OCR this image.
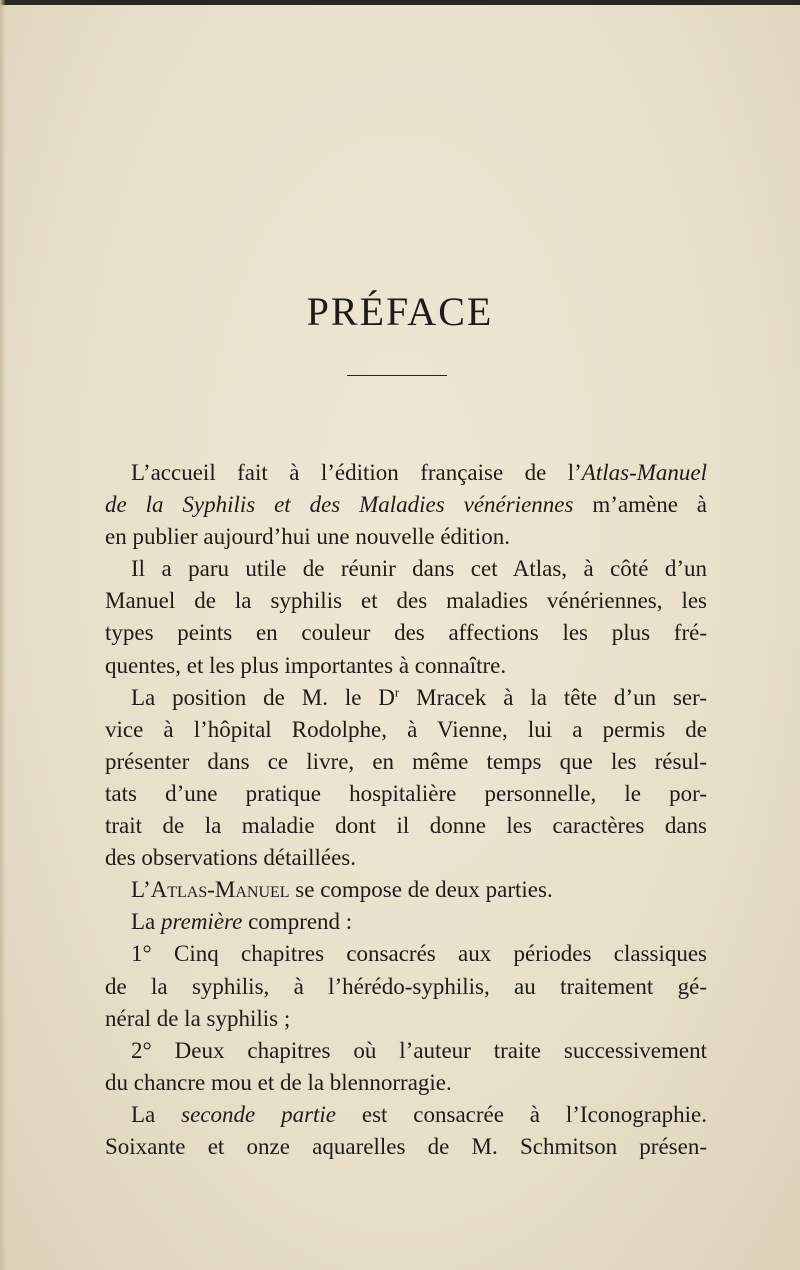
PRÉFACE
L’accueil fait à l’édition française de l’Atlas-Manuel
de la Syphilis et des Maladies vénériennes m’amène à
en publier aujourd’hui une nouvelle édition.
Il a paru utile de réunir dans cet Atlas, à côté d’un
Manuel de la syphilis et des maladies vénériennes, les
types peints en couleur des affections les plus fré-
quentes, et les plus importantes à connaître.
La position de M. le $D^r$ Mracek à la tête d’un ser-
vice à l’hôpital Rodolphe, à Vienne, lui a permis de
présenter dans ce livre, en même temps que les résul-
tats d’une pratique hospitalière personnelle, le por-
trait de la maladie dont il donne les caractères dans
des observations détaillées.
L’Atlas-Manuel se compose de deux parties.
La première comprend :
1° Cinq chapitres consacrés aux périodes classiques
de la syphilis, à l’hérédo-syphilis, au traitement gé-
néral de la syphilis ;
2° Deux chapitres où l’auteur traite successivement
du chancre mou et de la blennorragie.
La seconde partie est consacrée à l’Iconographie.
Soixante et onze aquarelles de M. Schmitson présen-
